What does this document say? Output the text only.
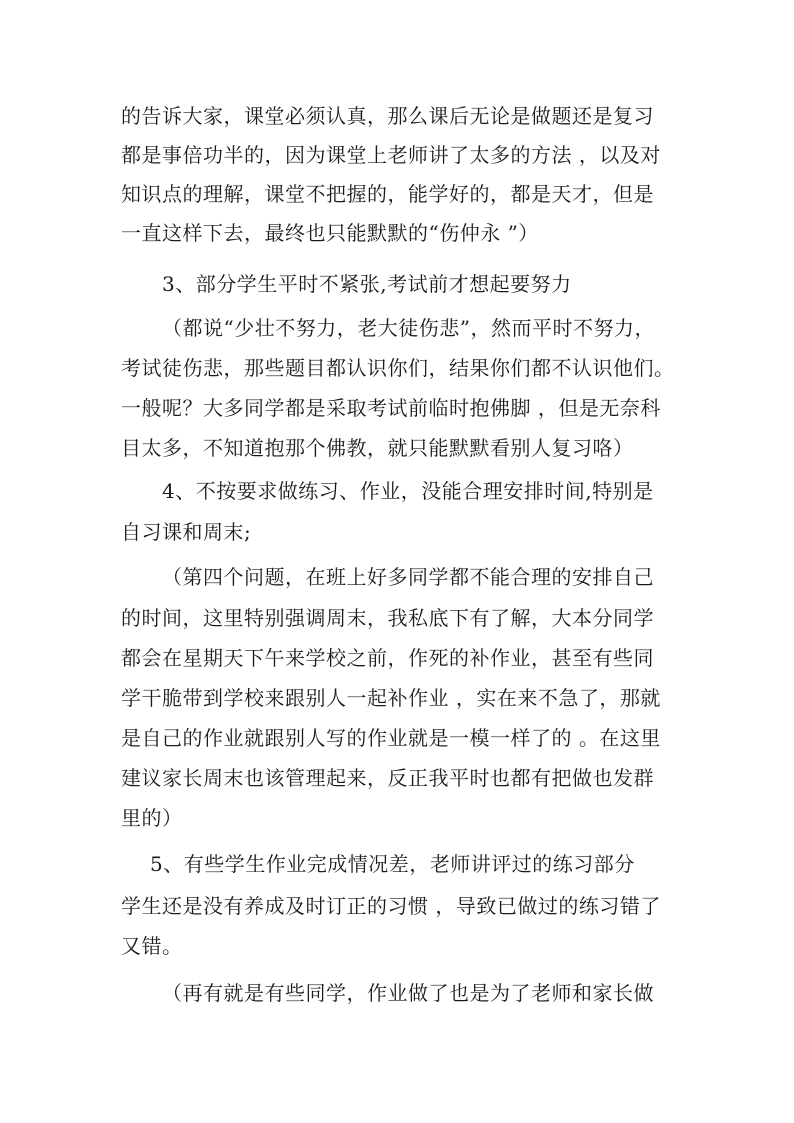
的告诉大家，课堂必须认真，那么课后无论是做题还是复习
都是事倍功半的，因为课堂上老师讲了太多的方法 ，以及对
知识点的理解，课堂不把握的，能学好的，都是天才，但是
一直这样下去，最终也只能默默的“伤仲永 ”）
3、部分学生平时不紧张,考试前才想起要努力
（都说“少壮不努力，老大徒伤悲”，然而平时不努力，
考试徒伤悲，那些题目都认识你们，结果你们都不认识他们。
一般呢？大多同学都是采取考试前临时抱佛脚 ，但是无奈科
目太多，不知道抱那个佛教，就只能默默看别人复习咯）
4、不按要求做练习、作业，没能合理安排时间,特别是
自习课和周末;
（第四个问题，在班上好多同学都不能合理的安排自己
的时间，这里特别强调周末，我私底下有了解，大本分同学
都会在星期天下午来学校之前，作死的补作业，甚至有些同
学干脆带到学校来跟别人一起补作业 ，实在来不急了，那就
是自己的作业就跟别人写的作业就是一模一样了的 。在这里
建议家长周末也该管理起来，反正我平时也都有把做也发群
里的）
5、有些学生作业完成情况差，老师讲评过的练习部分
学生还是没有养成及时订正的习惯 ，导致已做过的练习错了
又错。
（再有就是有些同学，作业做了也是为了老师和家长做
